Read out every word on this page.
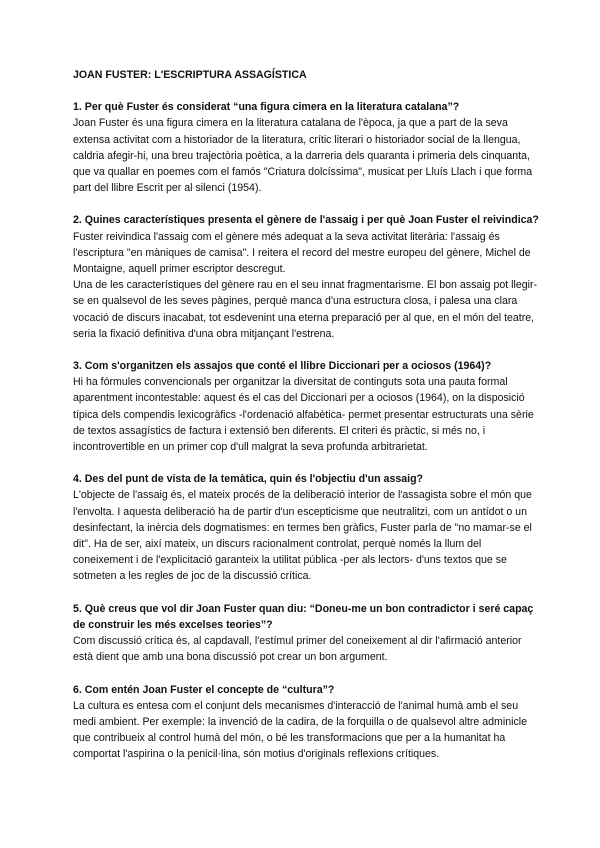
JOAN FUSTER: L'ESCRIPTURA ASSAGÍSTICA

1. Per què Fuster és considerat “una figura cimera en la literatura catalana”?

Joan Fuster és una figura cimera en la literatura catalana de l'època, ja que a part de la seva extensa activitat com a historiador de la literatura, crític literari o historiador social de la llengua, caldria afegir-hi, una breu trajectòria poètica, a la darreria dels quaranta i primeria dels cinquanta, que va quallar en poemes com el famós "Criatura dolcíssima", musicat per Lluís Llach i que forma part del llibre Escrit per al silenci (1954).

2. Quines característiques presenta el gènere de l'assaig i per què Joan Fuster el reivindica?

Fuster reivindica l'assaig com el gènere més adequat a la seva activitat literària: l'assaig és l'escriptura "en màniques de camisa". I reitera el record del mestre europeu del gènere, Michel de Montaigne, aquell primer escriptor descregut.

Una de les característiques del gènere rau en el seu innat fragmentarisme. El bon assaig pot llegir-se en qualsevol de les seves pàgines, perquè manca d'una estructura closa, i palesa una clara vocació de discurs inacabat, tot esdevenint una eterna preparació per al que, en el món del teatre, seria la fixació definitiva d'una obra mitjançant l'estrena.

3. Com s'organitzen els assajos que conté el llibre Diccionari per a ociosos (1964)?

Hi ha fórmules convencionals per organitzar la diversitat de continguts sota una pauta formal aparentment incontestable: aquest és el cas del Diccionari per a ociosos (1964), on la disposició típica dels compendis lexicogràfics -l'ordenació alfabètica- permet presentar estructurats una sèrie de textos assagístics de factura i extensió ben diferents. El criteri és pràctic, si més no, i incontrovertible en un primer cop d'ull malgrat la seva profunda arbitrarietat.

4. Des del punt de vista de la temàtica, quin és l'objectiu d'un assaig?

L'objecte de l'assaig és, el mateix procés de la deliberació interior de l'assagista sobre el món que l'envolta. I aquesta deliberació ha de partir d'un escepticisme que neutralitzi, com un antídot o un desinfectant, la inèrcia dels dogmatismes: en termes ben gràfics, Fuster parla de "no mamar-se el dit". Ha de ser, així mateix, un discurs racionalment controlat, perquè només la llum del coneixement i de l'explicitació garanteix la utilitat pública -per als lectors- d'uns textos que se sotmeten a les regles de joc de la discussió crítica.

5. Què creus que vol dir Joan Fuster quan diu: “Doneu-me un bon contradictor i seré capaç de construir les més excelses teories”?

Com discussió crítica és, al capdavall, l'estímul primer del coneixement al dir l'afirmació anterior està dient que amb una bona discussió pot crear un bon argument.

6. Com entén Joan Fuster el concepte de “cultura”?

La cultura es entesa com el conjunt dels mecanismes d'interacció de l'animal humà amb el seu medi ambient. Per exemple: la invenció de la cadira, de la forquilla o de qualsevol altre adminicle que contribueix al control humà del món, o bé les transformacions que per a la humanitat ha comportat l'aspirina o la penicil·lina, són motius d'originals reflexions crítiques.
